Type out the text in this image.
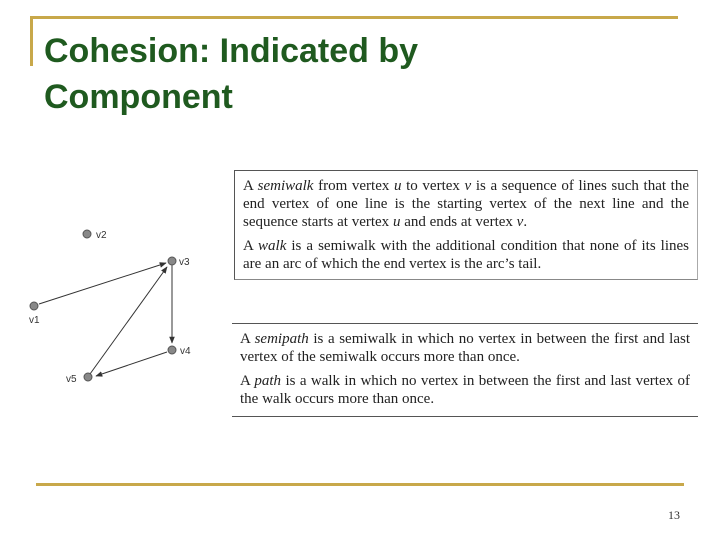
Cohesion: Indicated by
Component
v2
v3
v1
v4
v5

A semiwalk from vertex u to vertex v is a sequence of lines such that the end vertex of one line is the starting vertex of the next line and the sequence starts at vertex u and ends at vertex v.

A walk is a semiwalk with the additional condition that none of its lines are an arc of which the end vertex is the arc’s tail.

A semipath is a semiwalk in which no vertex in between the first and last vertex of the semiwalk occurs more than once.

A path is a walk in which no vertex in between the first and last vertex of the walk occurs more than once.

13
